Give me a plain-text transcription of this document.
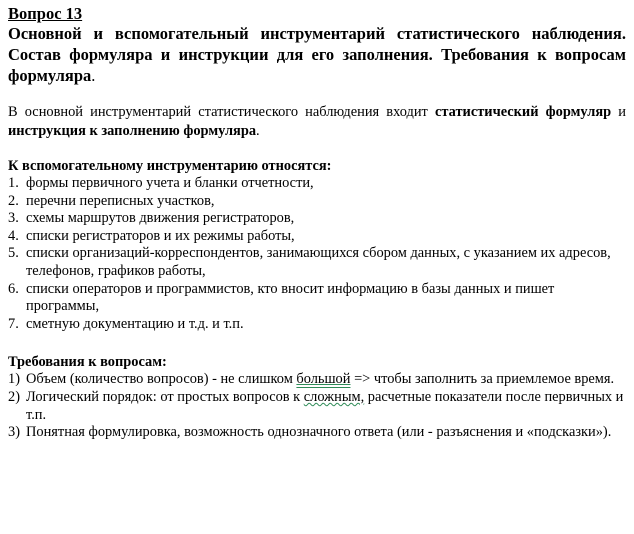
Вопрос 13
Основной и вспомогательный инструментарий статистического наблюдения. Состав формуляра и инструкции для его заполнения. Требования к вопросам формуляра.
В основной инструментарий статистического наблюдения входит статистический формуляр и инструкция к заполнению формуляра.
К вспомогательному инструментарию относятся:
1. формы первичного учета и бланки отчетности,
2. перечни переписных участков,
3. схемы маршрутов движения регистраторов,
4. списки регистраторов и их режимы работы,
5. списки организаций-корреспондентов, занимающихся сбором данных, с указанием их адресов, телефонов, графиков работы,
6. списки операторов и программистов, кто вносит информацию в базы данных и пишет программы,
7. сметную документацию и т.д. и т.п.
Требования к вопросам:
1) Объем (количество вопросов) - не слишком большой => чтобы заполнить за приемлемое время.
2) Логический порядок: от простых вопросов к сложным, расчетные показатели после первичных и т.п.
3) Понятная формулировка, возможность однозначного ответа (или - разъяснения и «подсказки»).
